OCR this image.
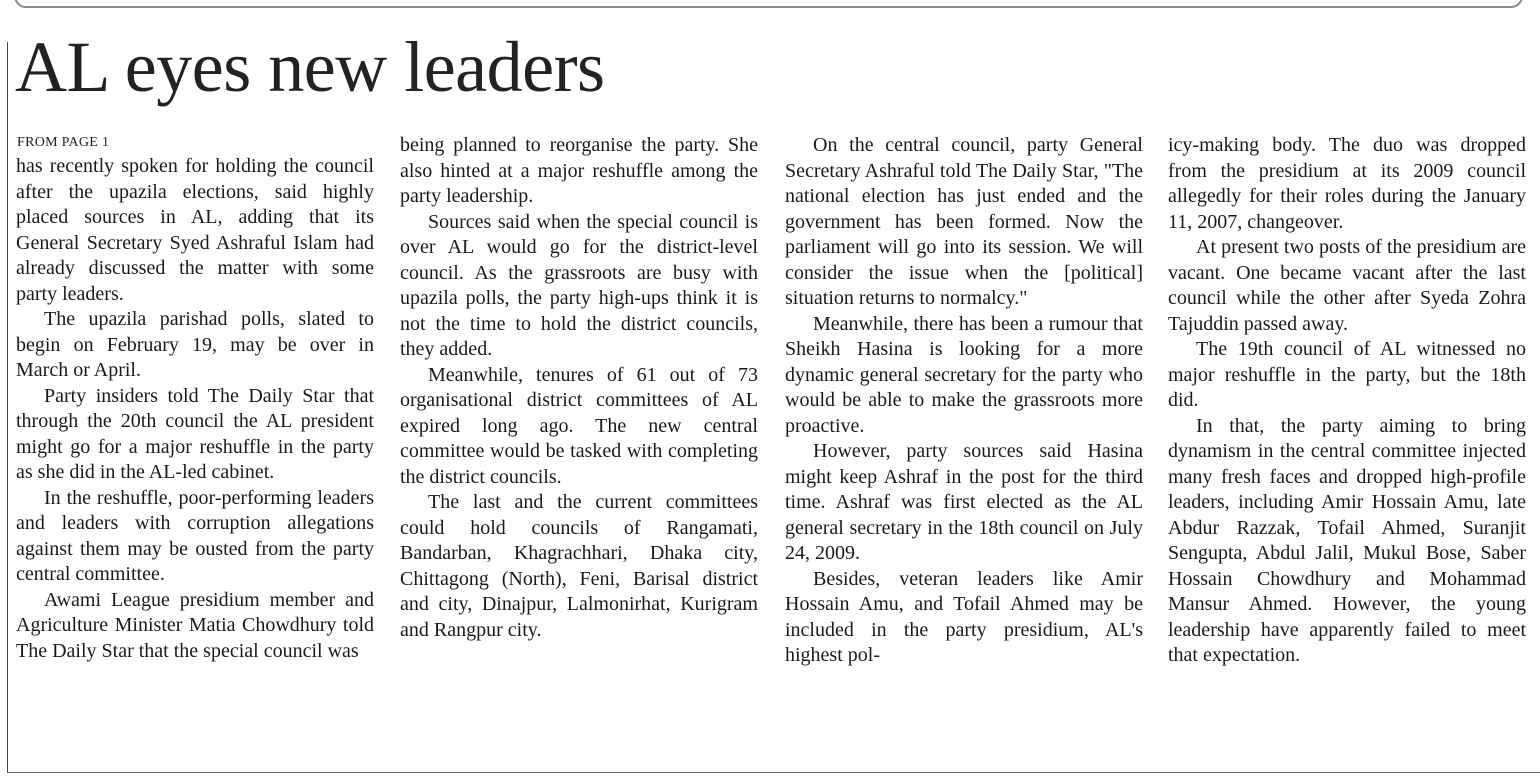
AL eyes new leaders
FROM PAGE 1

has recently spoken for holding the council after the upazila elections, said highly placed sources in AL, adding that its General Secretary Syed Ashraful Islam had already discussed the matter with some party leaders.

The upazila parishad polls, slated to begin on February 19, may be over in March or April.

Party insiders told The Daily Star that through the 20th council the AL president might go for a major reshuffle in the party as she did in the AL-led cabinet.

In the reshuffle, poor-performing leaders and leaders with corruption allegations against them may be ousted from the party central committee.

Awami League presidium member and Agriculture Minister Matia Chowdhury told The Daily Star that the special council was

being planned to reorganise the party. She also hinted at a major reshuffle among the party leadership.

Sources said when the special council is over AL would go for the district-level council. As the grassroots are busy with upazila polls, the party high-ups think it is not the time to hold the district councils, they added.

Meanwhile, tenures of 61 out of 73 organisational district committees of AL expired long ago. The new central committee would be tasked with completing the district councils.

The last and the current committees could hold councils of Rangamati, Bandarban, Khagrachhari, Dhaka city, Chittagong (North), Feni, Barisal district and city, Dinajpur, Lalmonirhat, Kurigram and Rangpur city.

On the central council, party General Secretary Ashraful told The Daily Star, "The national election has just ended and the government has been formed. Now the parliament will go into its session. We will consider the issue when the [political] situation returns to normalcy."

Meanwhile, there has been a rumour that Sheikh Hasina is looking for a more dynamic general secretary for the party who would be able to make the grassroots more proactive.

However, party sources said Hasina might keep Ashraf in the post for the third time. Ashraf was first elected as the AL general secretary in the 18th council on July 24, 2009.

Besides, veteran leaders like Amir Hossain Amu, and Tofail Ahmed may be included in the party presidium, AL's highest pol-

icy-making body. The duo was dropped from the presidium at its 2009 council allegedly for their roles during the January 11, 2007, changeover.

At present two posts of the presidium are vacant. One became vacant after the last council while the other after Syeda Zohra Tajuddin passed away.

The 19th council of AL witnessed no major reshuffle in the party, but the 18th did.

In that, the party aiming to bring dynamism in the central committee injected many fresh faces and dropped high-profile leaders, including Amir Hossain Amu, late Abdur Razzak, Tofail Ahmed, Suranjit Sengupta, Abdul Jalil, Mukul Bose, Saber Hossain Chowdhury and Mohammad Mansur Ahmed. However, the young leadership have apparently failed to meet that expectation.
